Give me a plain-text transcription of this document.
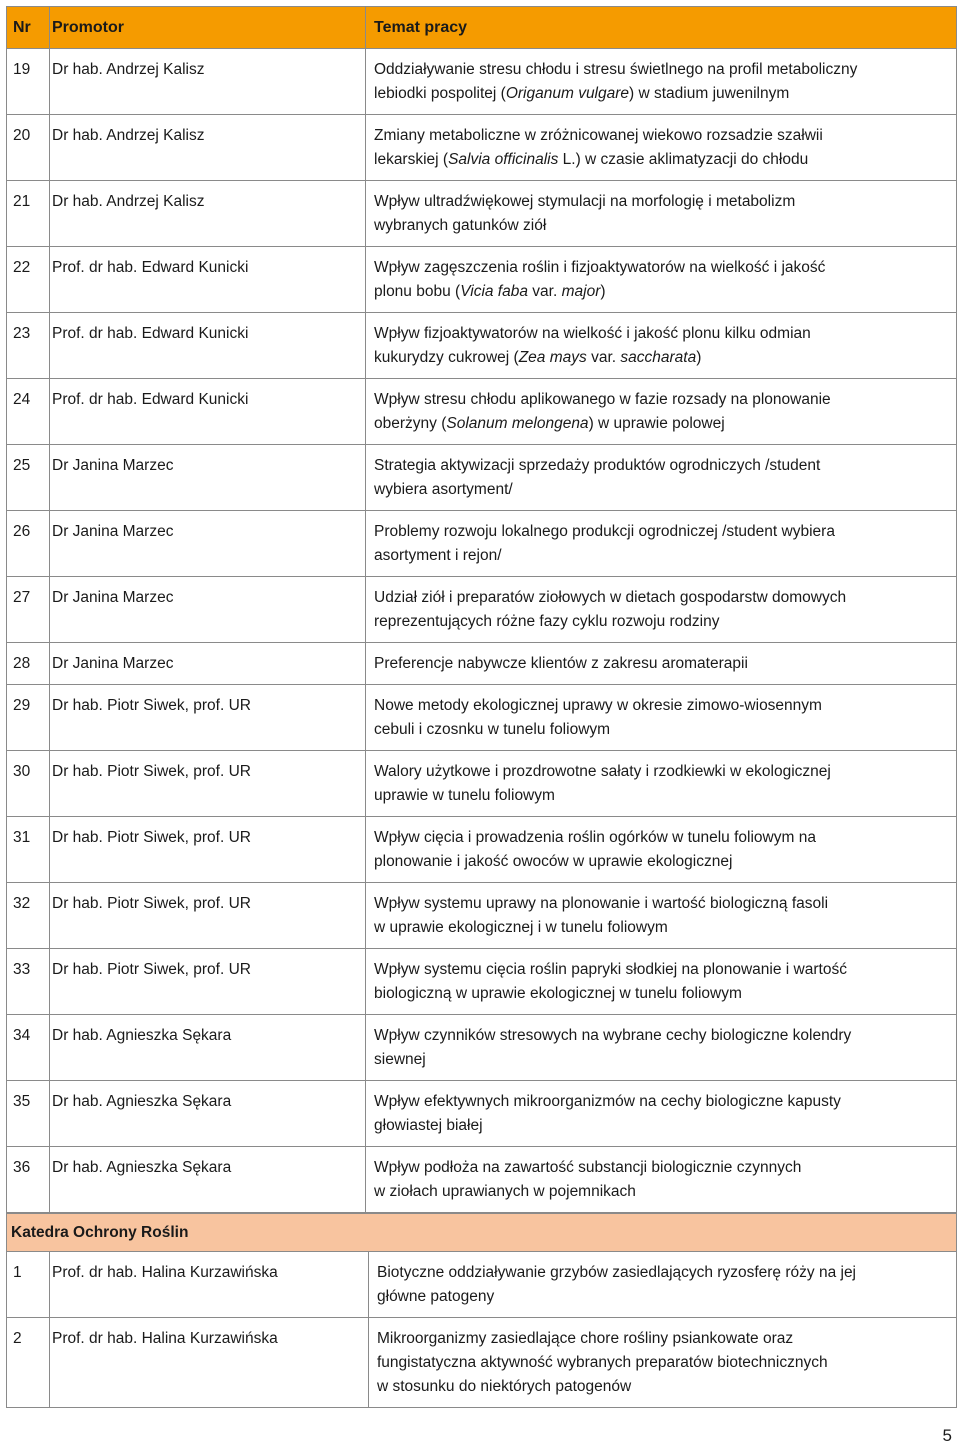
Nr	Promotor	Temat pracy
19	Dr hab. Andrzej Kalisz	Oddziaływanie stresu chłodu i stresu świetlnego na profil metaboliczny
lebiodki pospolitej (Origanum vulgare) w stadium juwenilnym

20	Dr hab. Andrzej Kalisz	Zmiany metaboliczne w zróżnicowanej wiekowo rozsadzie szałwii
lekarskiej (Salvia officinalis L.) w czasie aklimatyzacji do chłodu

21	Dr hab. Andrzej Kalisz	Wpływ ultradźwiękowej stymulacji na morfologię i metabolizm
wybranych gatunków ziół

22	Prof. dr hab. Edward Kunicki	Wpływ zagęszczenia roślin i fizjoaktywatorów na wielkość i jakość
plonu bobu (Vicia faba var. major)

23	Prof. dr hab. Edward Kunicki	Wpływ fizjoaktywatorów na wielkość i jakość plonu kilku odmian
kukurydzy cukrowej (Zea mays var. saccharata)

24	Prof. dr hab. Edward Kunicki	Wpływ stresu chłodu aplikowanego w fazie rozsady na plonowanie
oberżyny (Solanum melongena) w uprawie polowej

25	Dr Janina Marzec	Strategia aktywizacji sprzedaży produktów ogrodniczych /student
wybiera asortyment/

26	Dr Janina Marzec	Problemy rozwoju lokalnego produkcji ogrodniczej /student wybiera
asortyment i rejon/

27	Dr Janina Marzec	Udział ziół i preparatów ziołowych w dietach gospodarstw domowych
reprezentujących różne fazy cyklu rozwoju rodziny

28	Dr Janina Marzec	Preferencje nabywcze klientów z zakresu aromaterapii

29	Dr hab. Piotr Siwek, prof. UR	Nowe metody ekologicznej uprawy w okresie zimowo-wiosennym
cebuli i czosnku w tunelu foliowym

30	Dr hab. Piotr Siwek, prof. UR	Walory użytkowe i prozdrowotne sałaty i rzodkiewki w ekologicznej
uprawie w tunelu foliowym

31	Dr hab. Piotr Siwek, prof. UR	Wpływ cięcia i prowadzenia roślin ogórków w tunelu foliowym na
plonowanie i jakość owoców w uprawie ekologicznej

32	Dr hab. Piotr Siwek, prof. UR	Wpływ systemu uprawy na plonowanie i wartość biologiczną fasoli
w uprawie ekologicznej i w tunelu foliowym

33	Dr hab. Piotr Siwek, prof. UR	Wpływ systemu cięcia roślin papryki słodkiej na plonowanie i wartość
biologiczną w uprawie ekologicznej w tunelu foliowym

34	Dr hab. Agnieszka Sękara	Wpływ czynników stresowych na wybrane cechy biologiczne kolendry
siewnej

35	Dr hab. Agnieszka Sękara	Wpływ efektywnych mikroorganizmów na cechy biologiczne kapusty
głowiastej białej

36	Dr hab. Agnieszka Sękara	Wpływ podłoża na zawartość substancji biologicznie czynnych
w ziołach uprawianych w pojemnikach
Katedra Ochrony Roślin		
1	Prof. dr hab. Halina Kurzawińska	Biotyczne oddziaływanie grzybów zasiedlających ryzosferę róży na jej
główne patogeny

2	Prof. dr hab. Halina Kurzawińska	Mikroorganizmy zasiedlające chore rośliny psiankowate oraz
fungistatyczna aktywność wybranych preparatów biotechnicznych
w stosunku do niektórych patogenów
5
